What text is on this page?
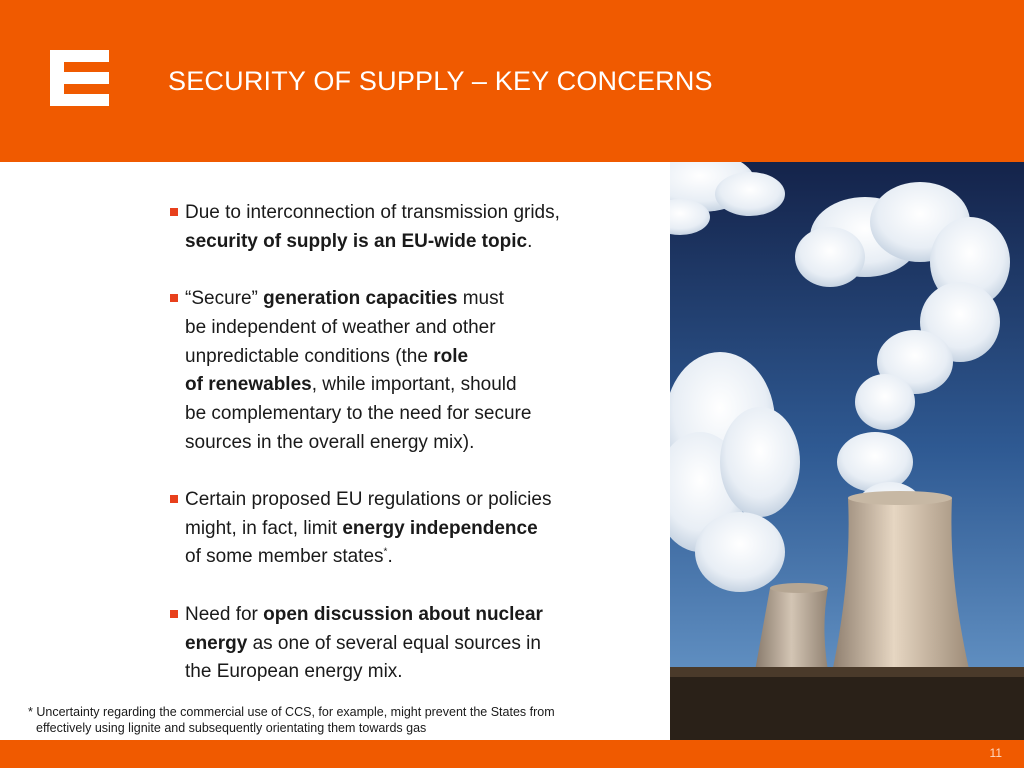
SECURITY OF SUPPLY – KEY CONCERNS
Due to interconnection of transmission grids,
security of supply is an EU-wide topic.
“Secure” generation capacities must
be independent of weather and other
unpredictable conditions (the role
of renewables, while important, should
be complementary to the need for secure
sources in the overall energy mix).
Certain proposed EU regulations or policies
might, in fact, limit energy independence
of some member states*.
Need for open discussion about nuclear
energy as one of several equal sources in
the European energy mix.
* Uncertainty regarding the commercial use of CCS, for example, might prevent the States from
effectively using lignite and subsequently orientating them towards gas
11
